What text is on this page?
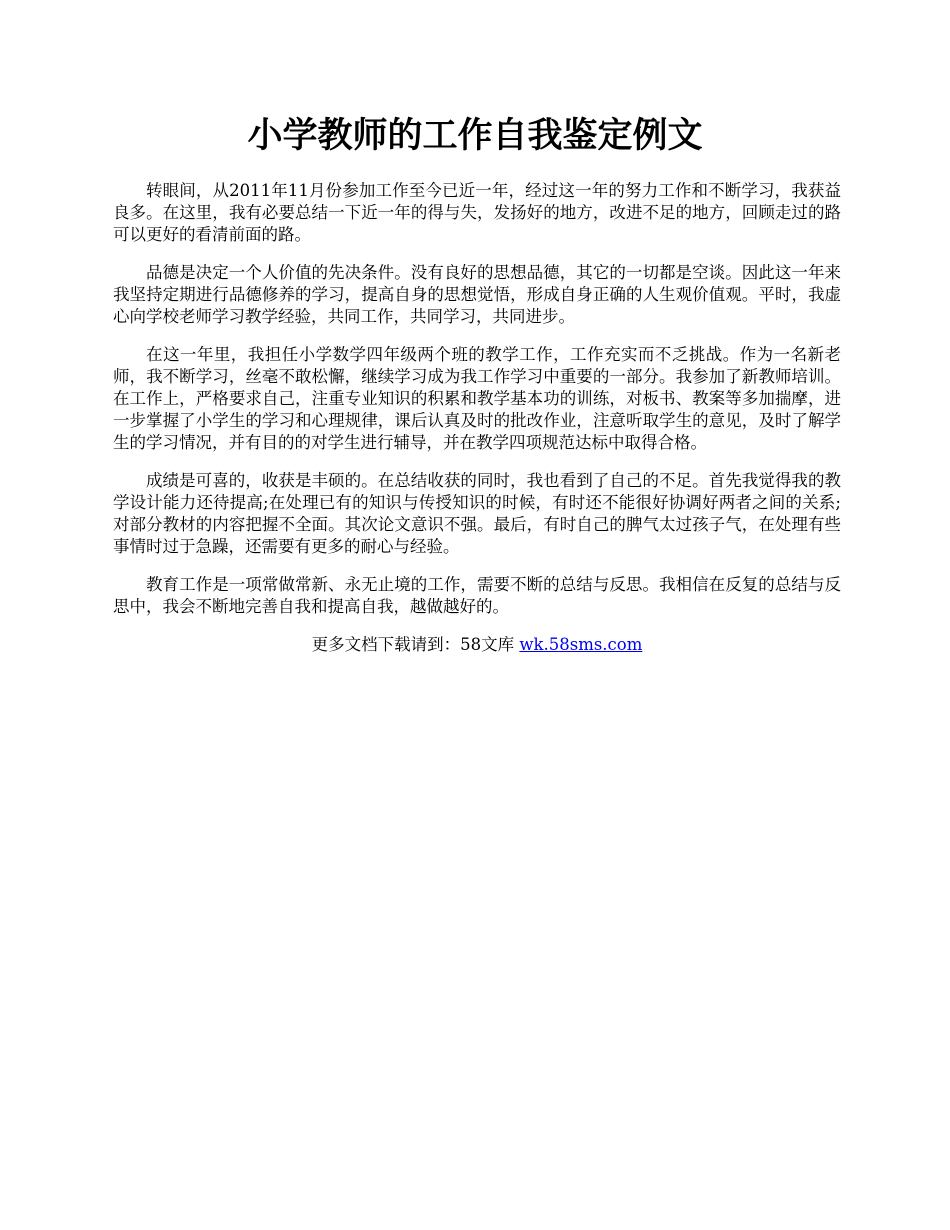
小学教师的工作自我鉴定例文

转眼间，从2011年11月份参加工作至今已近一年，经过这一年的努力工作和不断学习，我获益良多。在这里，我有必要总结一下近一年的得与失，发扬好的地方，改进不足的地方，回顾走过的路可以更好的看清前面的路。

品德是决定一个人价值的先决条件。没有良好的思想品德，其它的一切都是空谈。因此这一年来我坚持定期进行品德修养的学习，提高自身的思想觉悟，形成自身正确的人生观价值观。平时，我虚心向学校老师学习教学经验，共同工作，共同学习，共同进步。

在这一年里，我担任小学数学四年级两个班的教学工作，工作充实而不乏挑战。作为一名新老师，我不断学习，丝毫不敢松懈，继续学习成为我工作学习中重要的一部分。我参加了新教师培训。在工作上，严格要求自己，注重专业知识的积累和教学基本功的训练，对板书、教案等多加揣摩，进一步掌握了小学生的学习和心理规律，课后认真及时的批改作业，注意听取学生的意见，及时了解学生的学习情况，并有目的的对学生进行辅导，并在教学四项规范达标中取得合格。

成绩是可喜的，收获是丰硕的。在总结收获的同时，我也看到了自己的不足。首先我觉得我的教学设计能力还待提高;在处理已有的知识与传授知识的时候，有时还不能很好协调好两者之间的关系;对部分教材的内容把握不全面。其次论文意识不强。最后，有时自己的脾气太过孩子气，在处理有些事情时过于急躁，还需要有更多的耐心与经验。

教育工作是一项常做常新、永无止境的工作，需要不断的总结与反思。我相信在反复的总结与反思中，我会不断地完善自我和提高自我，越做越好的。

更多文档下载请到：58文库 wk.58sms.com
